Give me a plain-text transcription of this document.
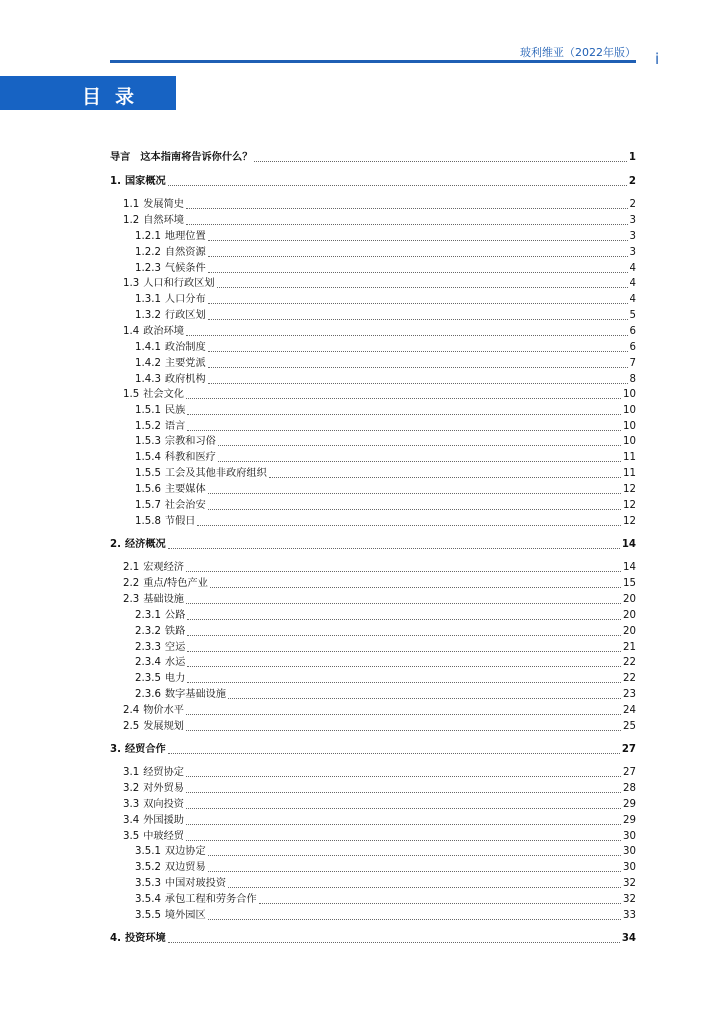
玻利维亚（2022年版） i
目录
导言 这本指南将告诉你什么？	1
1. 国家概况	2
1.1 发展简史	2
1.2 自然环境	3
1.2.1 地理位置	3
1.2.2 自然资源	3
1.2.3 气候条件	4
1.3 人口和行政区划	4
1.3.1 人口分布	4
1.3.2 行政区划	5
1.4 政治环境	6
1.4.1 政治制度	6
1.4.2 主要党派	7
1.4.3 政府机构	8
1.5 社会文化	10
1.5.1 民族	10
1.5.2 语言	10
1.5.3 宗教和习俗	10
1.5.4 科教和医疗	11
1.5.5 工会及其他非政府组织	11
1.5.6 主要媒体	12
1.5.7 社会治安	12
1.5.8 节假日	12
2. 经济概况	14
2.1 宏观经济	14
2.2 重点/特色产业	15
2.3 基础设施	20
2.3.1 公路	20
2.3.2 铁路	20
2.3.3 空运	21
2.3.4 水运	22
2.3.5 电力	22
2.3.6 数字基础设施	23
2.4 物价水平	24
2.5 发展规划	25
3. 经贸合作	27
3.1 经贸协定	27
3.2 对外贸易	28
3.3 双向投资	29
3.4 外国援助	29
3.5 中玻经贸	30
3.5.1 双边协定	30
3.5.2 双边贸易	30
3.5.3 中国对玻投资	32
3.5.4 承包工程和劳务合作	32
3.5.5 境外园区	33
4. 投资环境	34
